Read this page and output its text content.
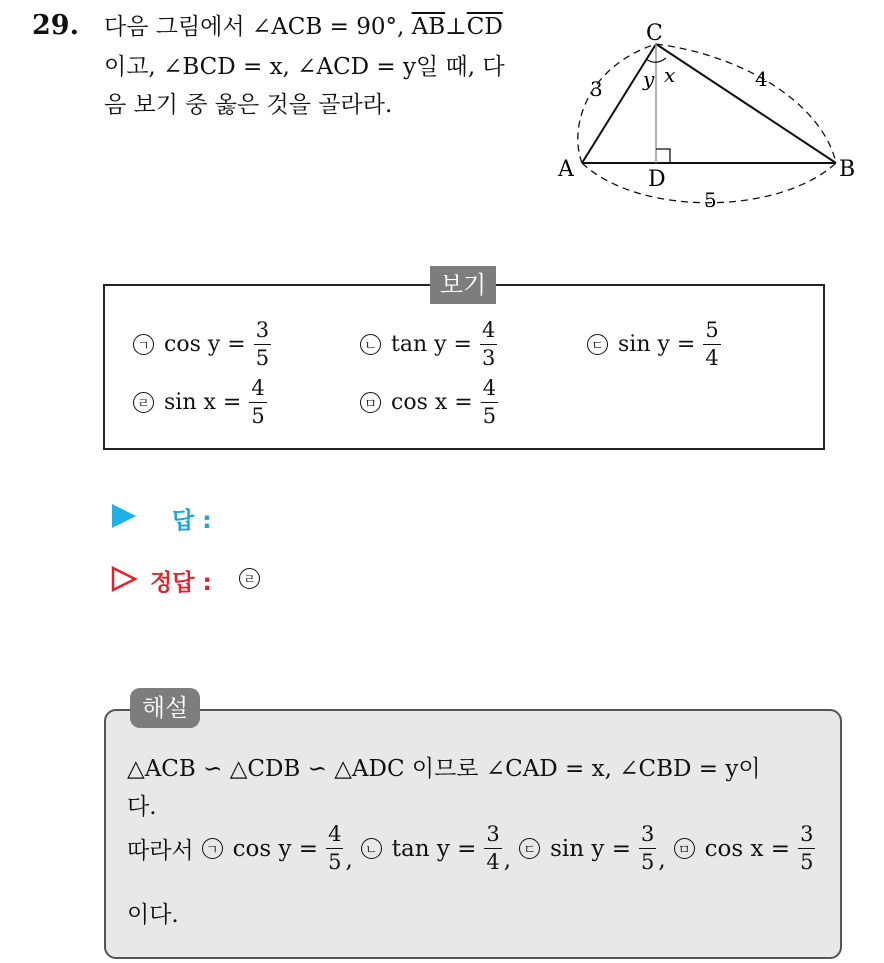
29. 다음 그림에서 ∠ACB = 90°, $\overline{AB}\perp\overline{CD}$
이고, ∠BCD = x, ∠ACD = y일 때, 다
음 보기 중 옳은 것을 골라라.
C
A	B
D
y x
3	4
5
보기
ㄱ $\cos y = \frac{3}{5}$	ㄴ $\tan y = \frac{4}{3}$	ㄷ $\sin y = \frac{5}{4}$
ㄹ $\sin x = \frac{4}{5}$	ㅁ $\cos x = \frac{4}{5}$
답 :
정답 :	ㄹ
해설
△ACB ∽ △CDB ∽ △ADC 이므로 ∠CAD = x, ∠CBD = y이
다.
따라서 ㄱ $\cos y = \frac{4}{5}$ , ㄴ $\tan y = \frac{3}{4}$ , ㄷ $\sin y = \frac{3}{5}$ , ㅁ $\cos x = \frac{3}{5}$
이다.
